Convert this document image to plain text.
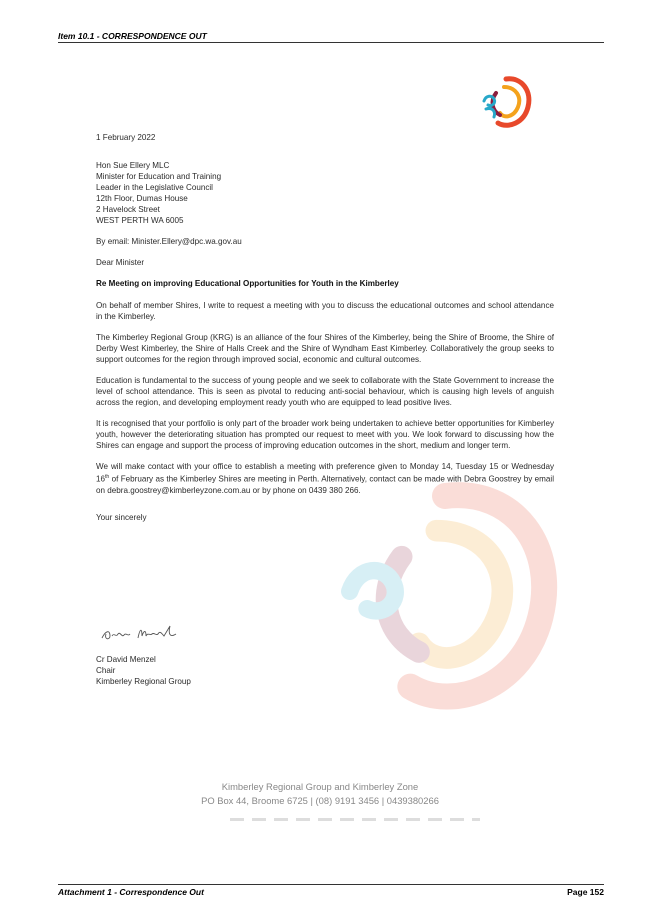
Item 10.1 - CORRESPONDENCE OUT

1 February 2022

Hon Sue Ellery MLC
Minister for Education and Training
Leader in the Legislative Council
12th Floor, Dumas House
2 Havelock Street
WEST PERTH WA 6005

By email: Minister.Ellery@dpc.wa.gov.au

Dear Minister

Re Meeting on improving Educational Opportunities for Youth in the Kimberley

On behalf of member Shires, I write to request a meeting with you to discuss the educational outcomes and school attendance in the Kimberley.

The Kimberley Regional Group (KRG) is an alliance of the four Shires of the Kimberley, being the Shire of Broome, the Shire of Derby West Kimberley, the Shire of Halls Creek and the Shire of Wyndham East Kimberley. Collaboratively the group seeks to support outcomes for the region through improved social, economic and cultural outcomes.

Education is fundamental to the success of young people and we seek to collaborate with the State Government to increase the level of school attendance. This is seen as pivotal to reducing anti-social behaviour, which is causing high levels of anguish across the region, and developing employment ready youth who are equipped to lead positive lives.

It is recognised that your portfolio is only part of the broader work being undertaken to achieve better opportunities for Kimberley youth, however the deteriorating situation has prompted our request to meet with you. We look forward to discussing how the Shires can engage and support the process of improving education outcomes in the short, medium and longer term.

We will make contact with your office to establish a meeting with preference given to Monday 14, Tuesday 15 or Wednesday 16th of February as the Kimberley Shires are meeting in Perth. Alternatively, contact can be made with Debra Goostrey by email on debra.goostrey@kimberleyzone.com.au or by phone on 0439 380 266.

Your sincerely

Cr David Menzel
Chair
Kimberley Regional Group
Kimberley Regional Group and Kimberley Zone
PO Box 44, Broome 6725 | (08) 9191 3456 | 0439380266
Attachment 1 - Correspondence Out	Page 152
